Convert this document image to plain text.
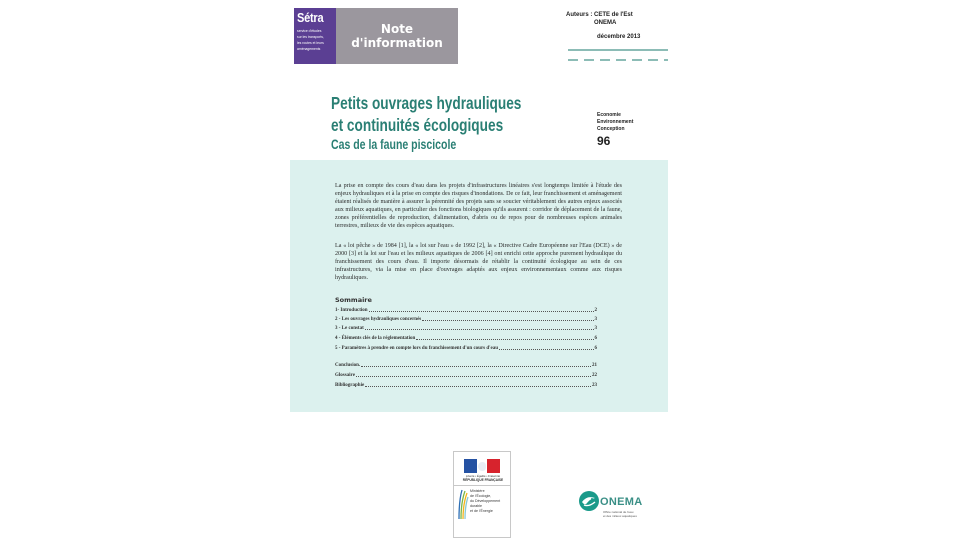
Sétra
service d'études
sur les transports,
les routes et leurs
aménagements
Note
d'information
Auteurs : CETE de l'Est
ONEMA
décembre 2013
Petits ouvrages hydrauliques
et continuités écologiques
Cas de la faune piscicole
Economie
Environnement
Conception
96
La prise en compte des cours d'eau dans les projets d'infrastructures linéaires s'est longtemps limitée à l'étude des enjeux hydrauliques et à la prise en compte des risques d'inondations. De ce fait, leur franchissement et aménagement étaient réalisés de manière à assurer la pérennité des projets sans se soucier véritablement des autres enjeux associés aux milieux aquatiques, en particulier des fonctions biologiques qu'ils assurent : corridor de déplacement de la faune, zones préférentielles de reproduction, d'alimentation, d'abris ou de repos pour de nombreuses espèces animales terrestres, milieux de vie des espèces aquatiques.
La « loi pêche » de 1984 [1], la « loi sur l'eau » de 1992 [2], la « Directive Cadre Européenne sur l'Eau (DCE) » de 2000 [3] et la loi sur l'eau et les milieux aquatiques de 2006 [4] ont enrichi cette approche purement hydraulique du franchissement des cours d'eau. Il importe désormais de rétablir la continuité écologique au sein de ces infrastructures, via la mise en place d'ouvrages adaptés aux enjeux environnementaux comme aux risques hydrauliques.
Sommaire
1- Introduction	2
2 - Les ouvrages hydrauliques concernés	3
3 - Le constat	3
4 - Éléments clés de la réglementation	6
5 - Paramètres à prendre en compte lors du franchissement d'un cours d'eau	6
Conclusion.	21
Glossaire	22
Bibliographie	23
Liberté • Égalité • Fraternité
RÉPUBLIQUE FRANÇAISE
Ministère
de l'Écologie,
du Développement
durable
et de l'Énergie
ONEMA
Office national de l'eau
et des milieux aquatiques
